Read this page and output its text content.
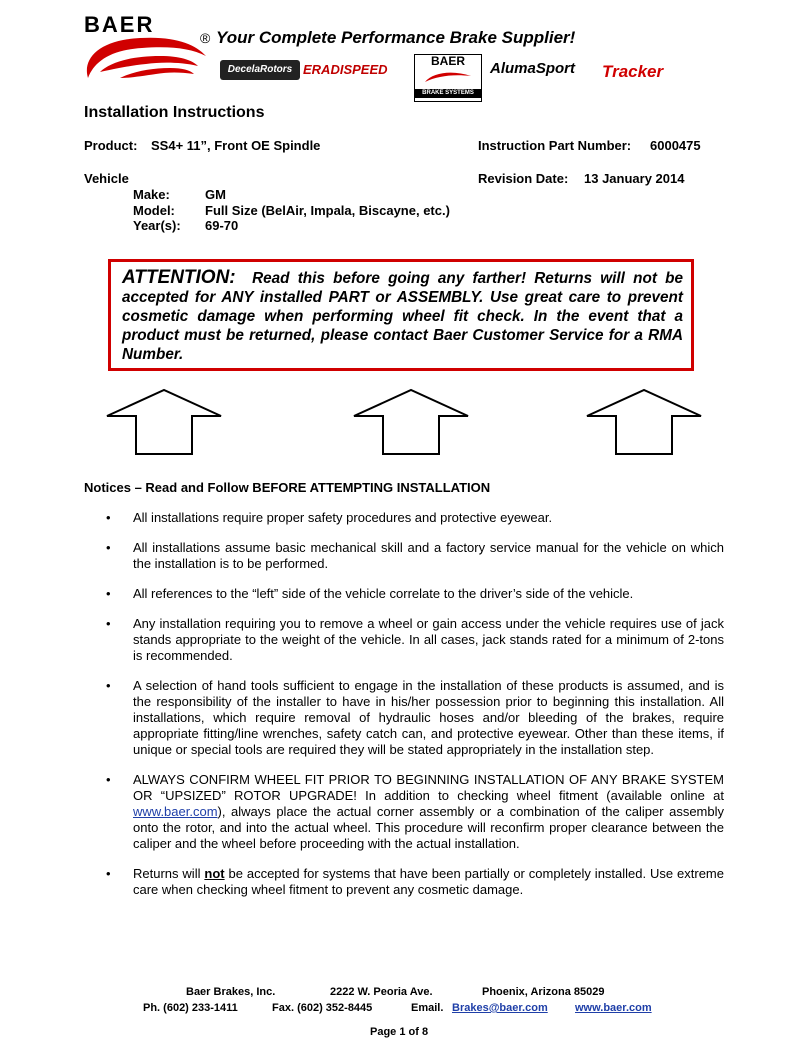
BAER
® Your Complete Performance Brake Supplier!
DecelaRotors ERADISPEED
BAER
BRAKE SYSTEMS
AlumaSport Tracker
Installation Instructions
Product: SS4+ 11”, Front OE Spindle	Instruction Part Number: 6000475
Vehicle	Revision Date: 13 January 2014
Make:	GM
Model: Full Size (BelAir, Impala, Biscayne, etc.)
Year(s): 69-70

ATTENTION: Read this before going any farther! Returns will not be accepted for ANY installed PART or ASSEMBLY. Use great care to prevent cosmetic damage when performing wheel fit check. In the event that a product must be returned, please contact Baer Customer Service for a RMA Number.

Notices – Read and Follow BEFORE ATTEMPTING INSTALLATION
• All installations require proper safety procedures and protective eyewear.
• All installations assume basic mechanical skill and a factory service manual for the vehicle on which the installation is to be performed.
• All references to the “left” side of the vehicle correlate to the driver’s side of the vehicle.
• Any installation requiring you to remove a wheel or gain access under the vehicle requires use of jack stands appropriate to the weight of the vehicle. In all cases, jack stands rated for a minimum of 2-tons is recommended.
• A selection of hand tools sufficient to engage in the installation of these products is assumed, and is the responsibility of the installer to have in his/her possession prior to beginning this installation. All installations, which require removal of hydraulic hoses and/or bleeding of the brakes, require appropriate fitting/line wrenches, safety catch can, and protective eyewear. Other than these items, if unique or special tools are required they will be stated appropriately in the installation step.
• ALWAYS CONFIRM WHEEL FIT PRIOR TO BEGINNING INSTALLATION OF ANY BRAKE SYSTEM OR “UPSIZED” ROTOR UPGRADE! In addition to checking wheel fitment (available online at www.baer.com), always place the actual corner assembly or a combination of the caliper assembly onto the rotor, and into the actual wheel. This procedure will reconfirm proper clearance between the caliper and the wheel before proceeding with the actual installation.
• Returns will not be accepted for systems that have been partially or completely installed. Use extreme care when checking wheel fitment to prevent any cosmetic damage.
Baer Brakes, Inc.	2222 W. Peoria Ave.	Phoenix, Arizona 85029
Ph. (602) 233-1411	Fax. (602) 352-8445	Email. Brakes@baer.com www.baer.com
Page 1 of 8
